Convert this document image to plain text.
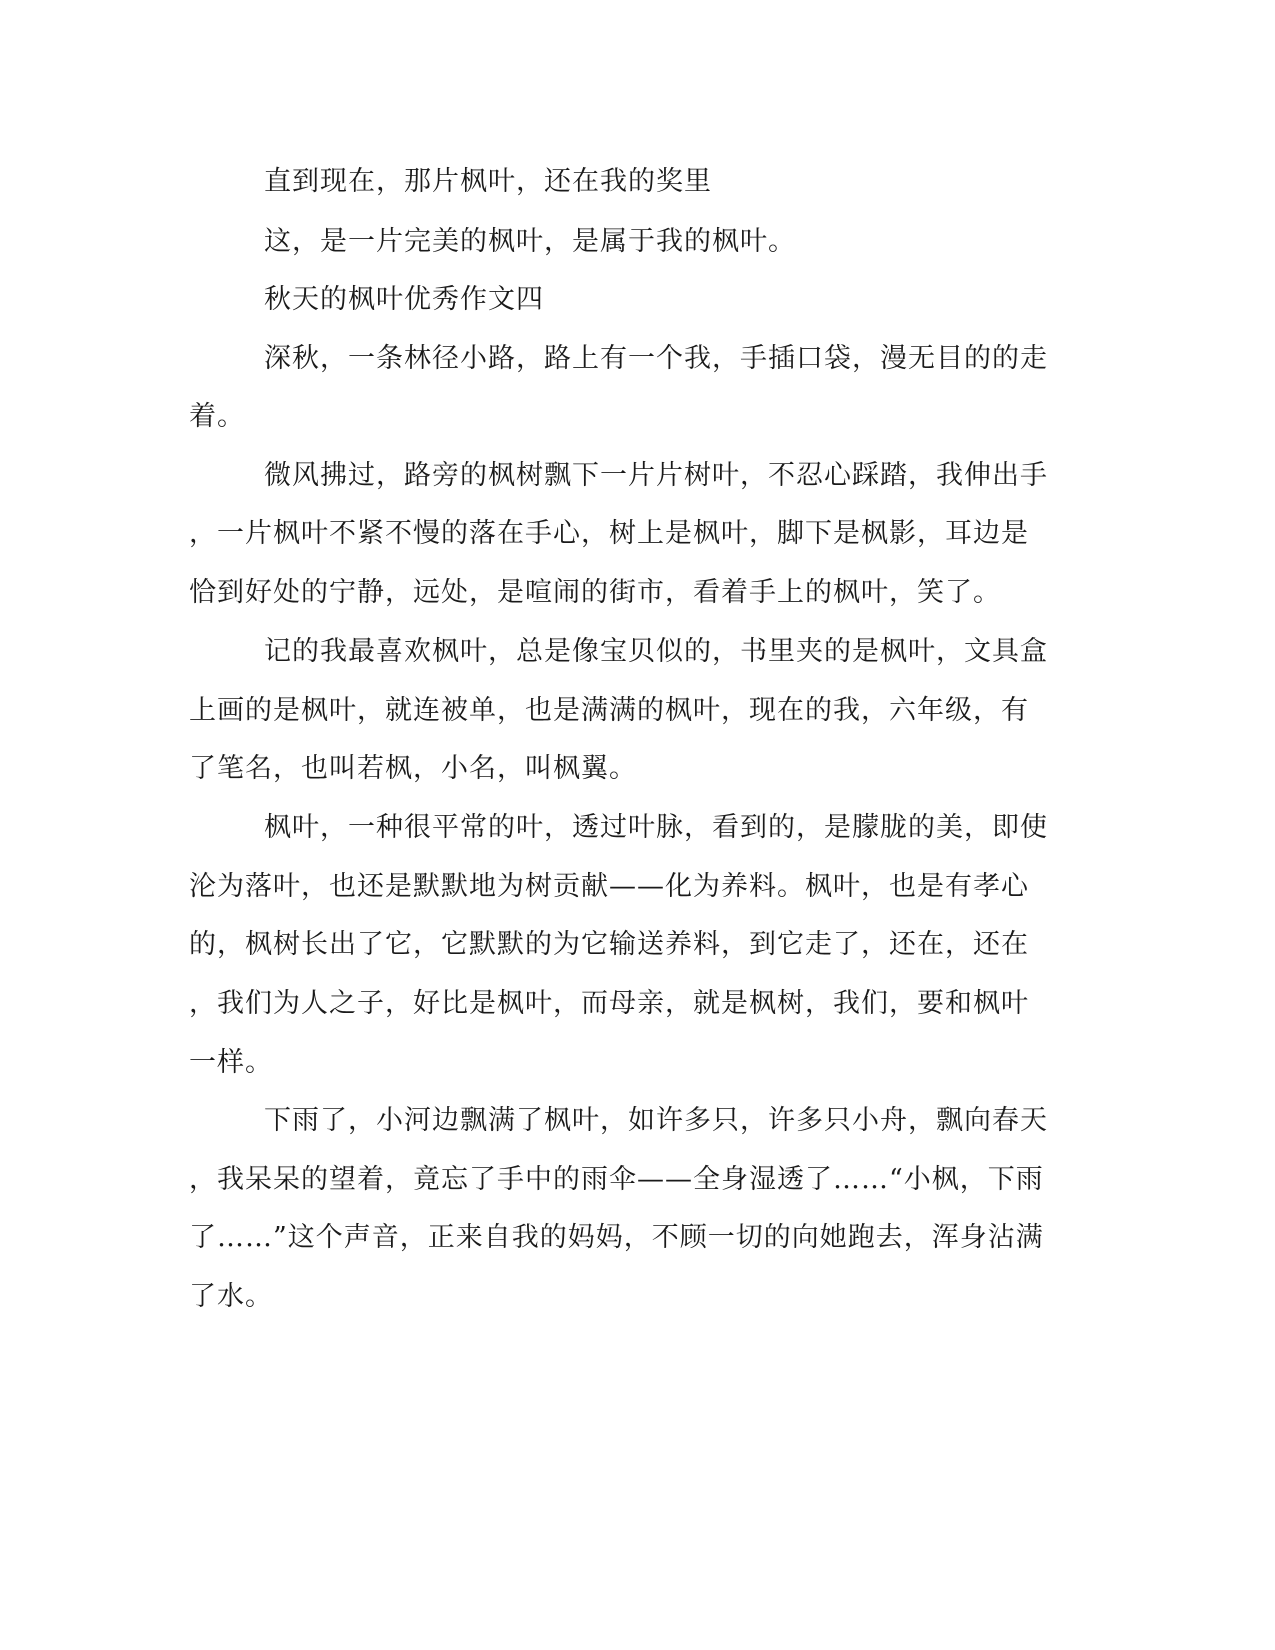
直到现在，那片枫叶，还在我的奖里
这，是一片完美的枫叶，是属于我的枫叶。
秋天的枫叶优秀作文四
深秋，一条林径小路，路上有一个我，手插口袋，漫无目的的走
着。
微风拂过，路旁的枫树飘下一片片树叶，不忍心踩踏，我伸出手
，一片枫叶不紧不慢的落在手心，树上是枫叶，脚下是枫影，耳边是
恰到好处的宁静，远处，是喧闹的街市，看着手上的枫叶，笑了。
记的我最喜欢枫叶，总是像宝贝似的，书里夹的是枫叶，文具盒
上画的是枫叶，就连被单，也是满满的枫叶，现在的我，六年级，有
了笔名，也叫若枫，小名，叫枫翼。
枫叶，一种很平常的叶，透过叶脉，看到的，是朦胧的美，即使
沦为落叶，也还是默默地为树贡献——化为养料。枫叶，也是有孝心
的，枫树长出了它，它默默的为它输送养料，到它走了，还在，还在
，我们为人之子，好比是枫叶，而母亲，就是枫树，我们，要和枫叶
一样。
下雨了，小河边飘满了枫叶，如许多只，许多只小舟，飘向春天
，我呆呆的望着，竟忘了手中的雨伞——全身湿透了……“小枫，下雨
了……”这个声音，正来自我的妈妈，不顾一切的向她跑去，浑身沾满
了水。
